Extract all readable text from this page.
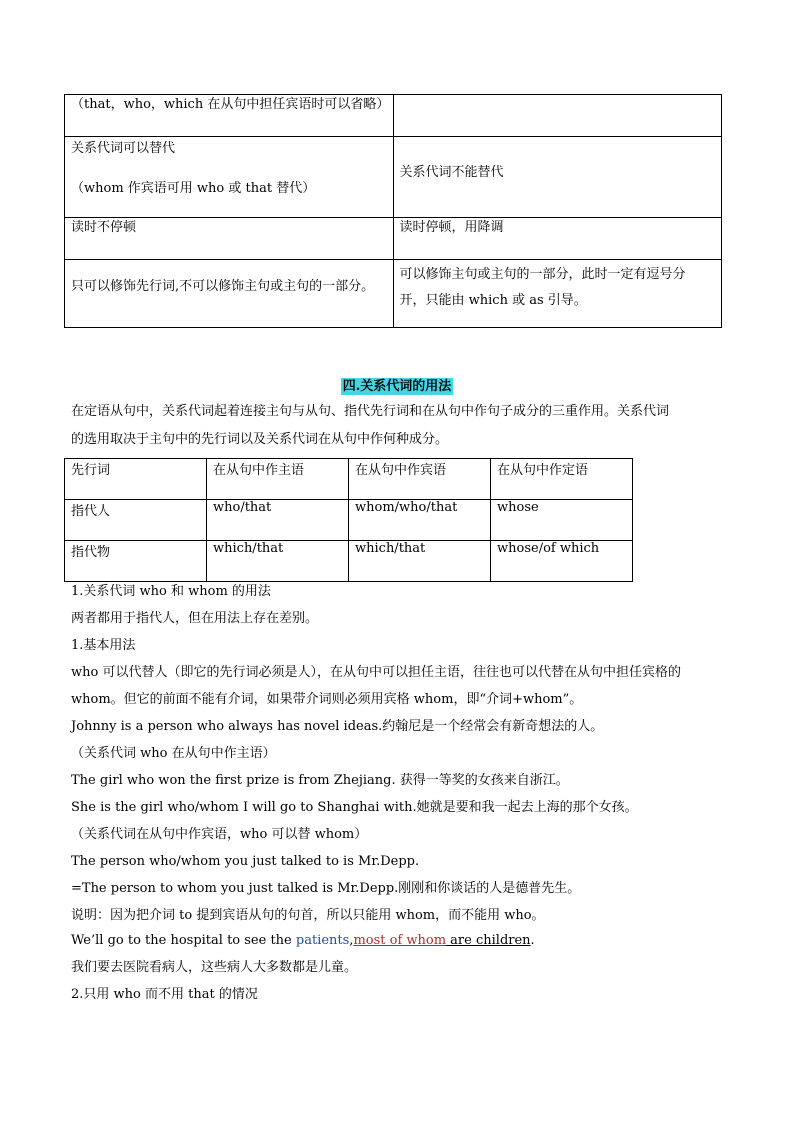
（that，who，which 在从句中担任宾语时可以省略）	

关系代词可以替代

（whom 作宾语可用 who 或 that 替代）	关系代词不能替代

读时不停顿	读时停顿，用降调

只可以修饰先行词,不可以修饰主句或主句的一部分。	可以修饰主句或主句的一部分，此时一定有逗号分

开，只能由 which 或 as 引导。

四.关系代词的用法

在定语从句中，关系代词起着连接主句与从句、指代先行词和在从句中作句子成分的三重作用。关系代词

的选用取决于主句中的先行词以及关系代词在从句中作何种成分。

先行词	在从句中作主语	在从句中作宾语	在从句中作定语
指代人	who/that	whom/who/that	whose
指代物	which/that	which/that	whose/of which

1.关系代词 who 和 whom 的用法

两者都用于指代人，但在用法上存在差别。

1.基本用法

who 可以代替人（即它的先行词必须是人），在从句中可以担任主语，往往也可以代替在从句中担任宾格的

whom。但它的前面不能有介词，如果带介词则必须用宾格 whom，即“介词+whom”。

Johnny is a person who always has novel ideas.约翰尼是一个经常会有新奇想法的人。

（关系代词 who 在从句中作主语）

The girl who won the first prize is from Zhejiang. 获得一等奖的女孩来自浙江。

She is the girl who/whom I will go to Shanghai with.她就是要和我一起去上海的那个女孩。

（关系代词在从句中作宾语，who 可以替 whom）

The person who/whom you just talked to is Mr.Depp.

=The person to whom you just talked is Mr.Depp.刚刚和你谈话的人是德普先生。

说明：因为把介词 to 提到宾语从句的句首，所以只能用 whom，而不能用 who。

We’ll go to the hospital to see the patients,most of whom are children.

我们要去医院看病人，这些病人大多数都是儿童。

2.只用 who 而不用 that 的情况
